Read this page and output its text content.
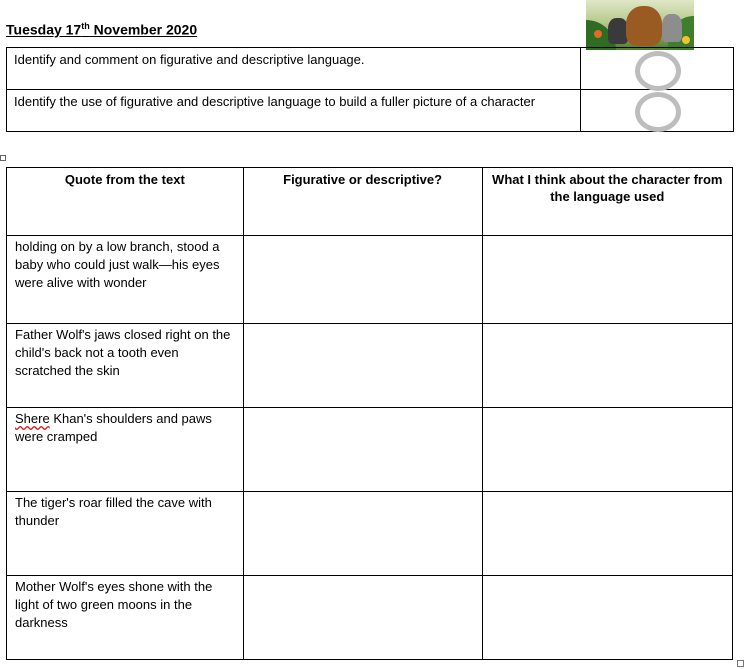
Tuesday 17th November 2020
Identify and comment on figurative and descriptive language.	

Identify the use of figurative and descriptive language to build a fuller picture of a character	
Quote from the text	Figurative or descriptive?	What I think about the character from the language used
holding on by a low branch, stood a baby who could just walk—his eyes were alive with wonder		
Father Wolf's jaws closed right on the child's back not a tooth even scratched the skin		
Shere Khan's shoulders and paws were cramped		
The tiger's roar filled the cave with thunder		
Mother Wolf's eyes shone with the light of two green moons in the darkness		
